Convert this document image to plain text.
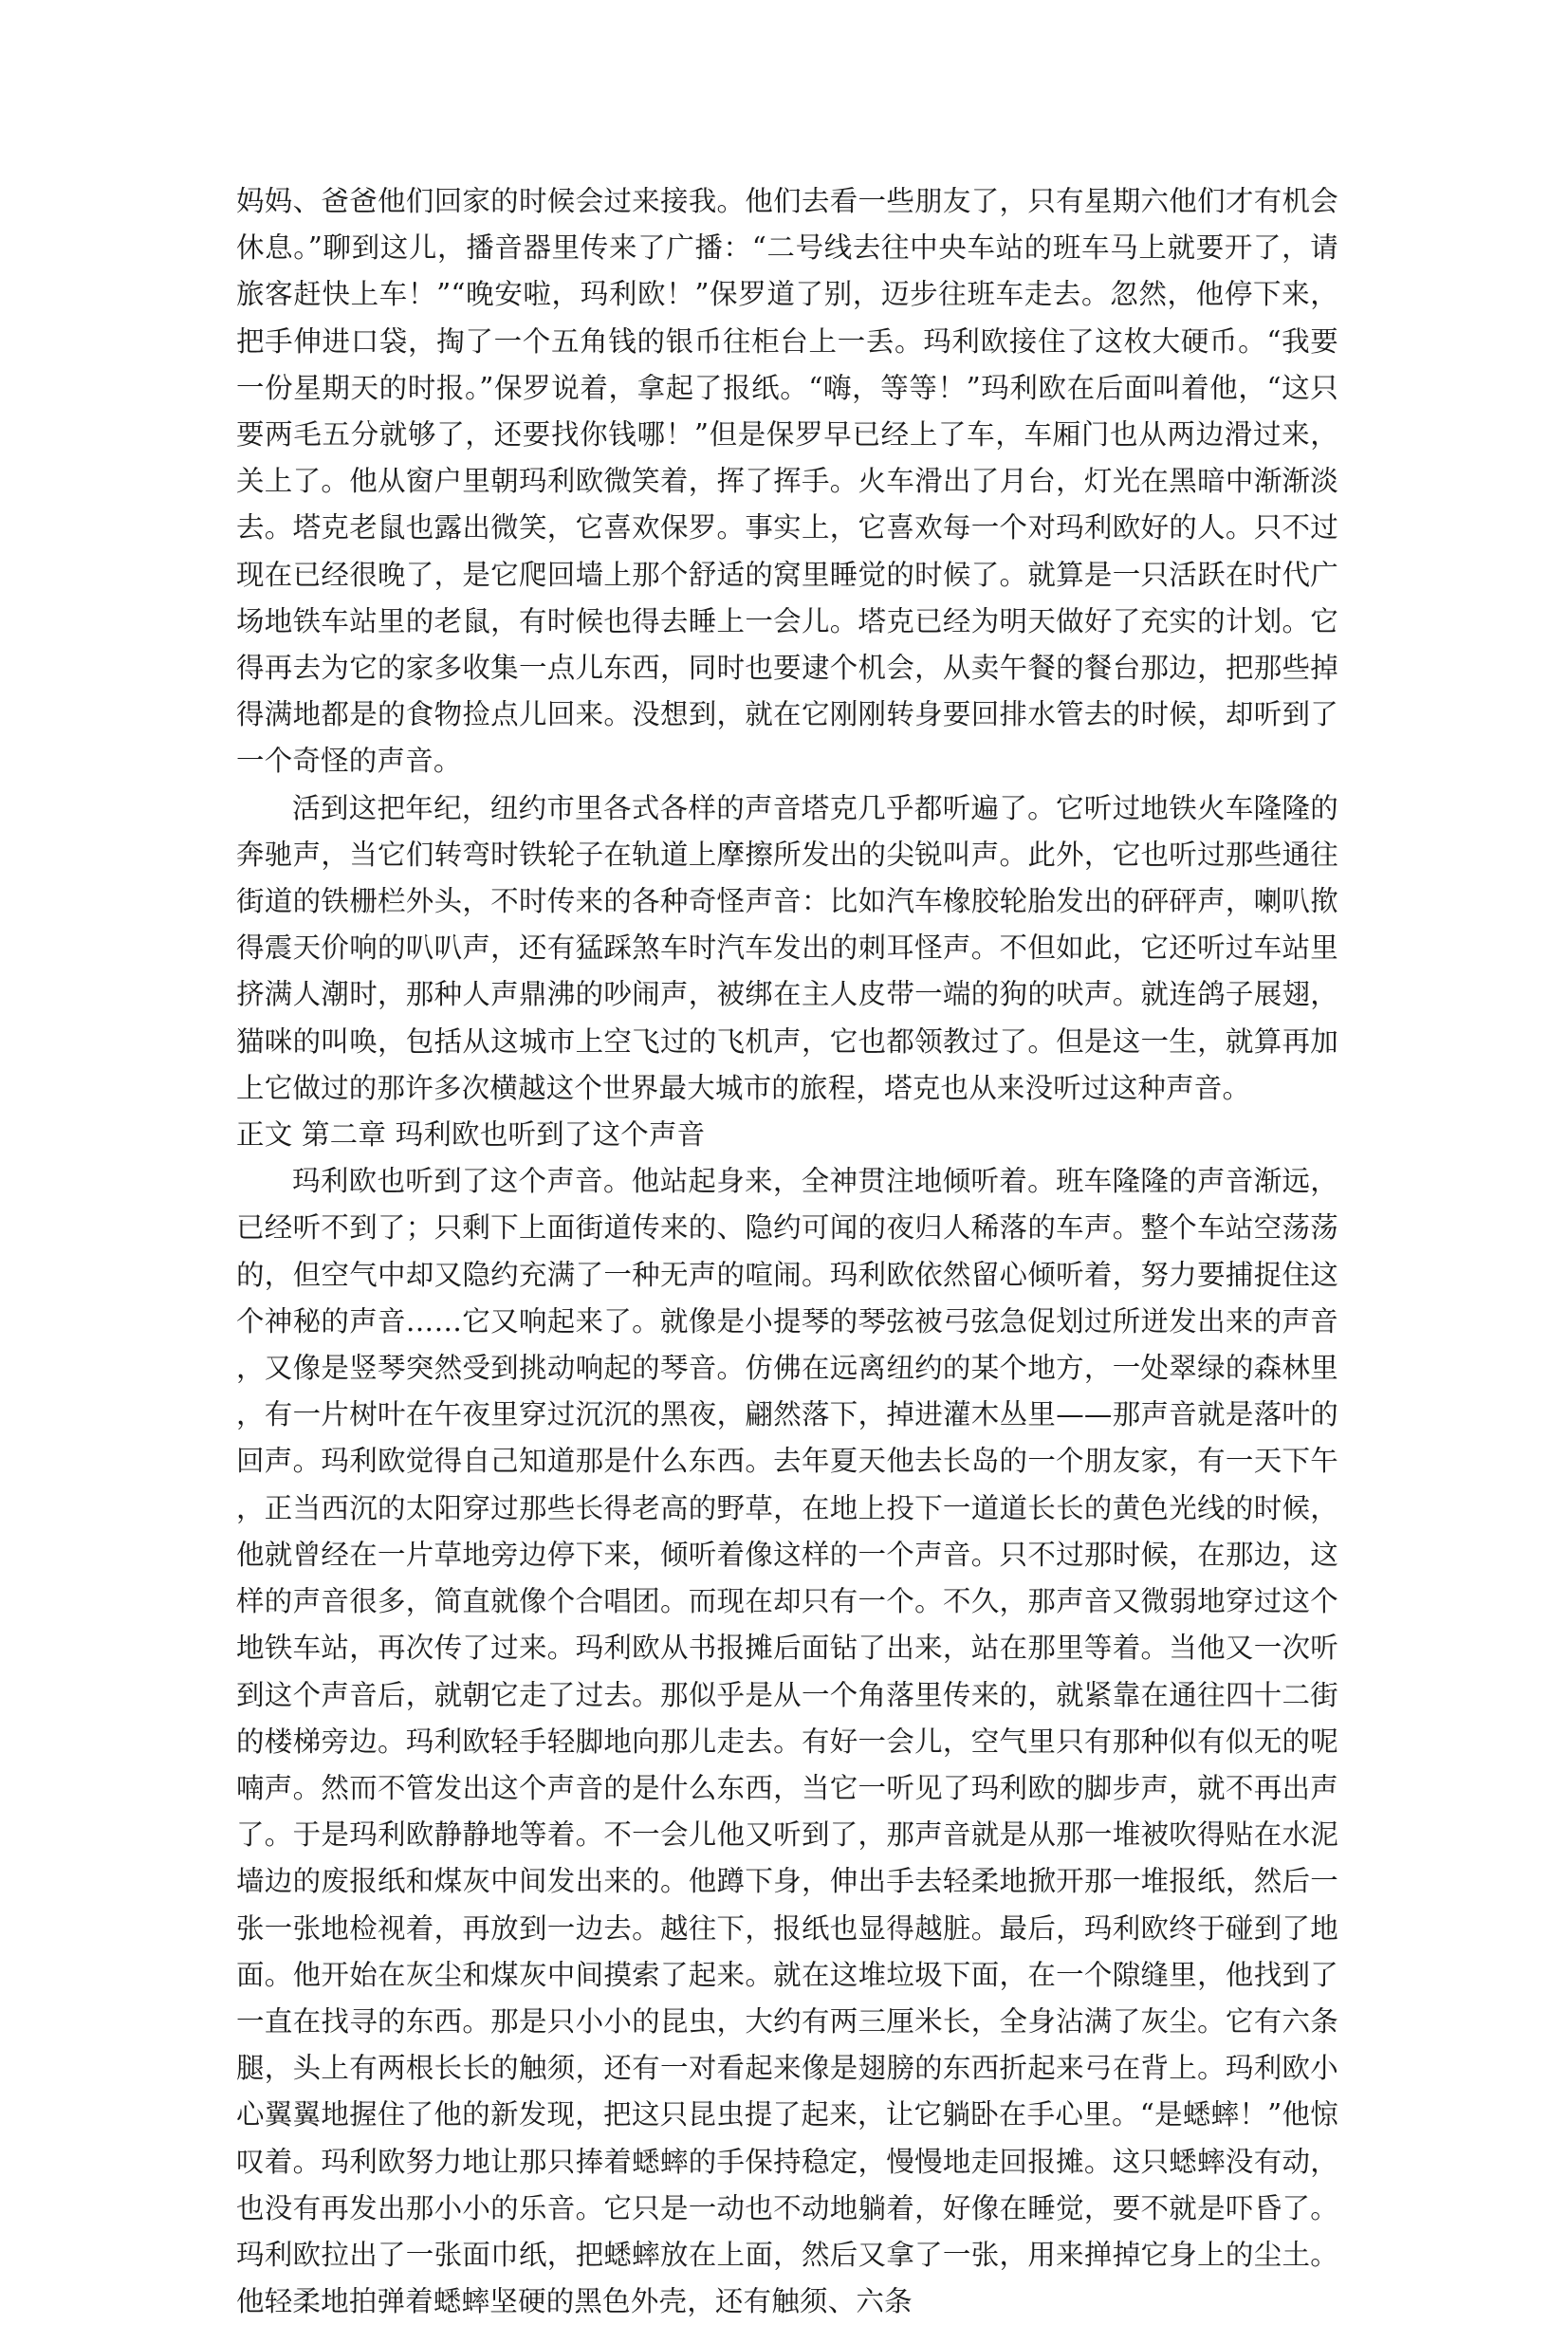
妈妈、爸爸他们回家的时候会过来接我。他们去看一些朋友了，只有星期六他们才有机会休息。”聊到这儿，播音器里传来了广播：“二号线去往中央车站的班车马上就要开了，请旅客赶快上车！”“晚安啦，玛利欧！”保罗道了别，迈步往班车走去。忽然，他停下来，把手伸进口袋，掏了一个五角钱的银币往柜台上一丢。玛利欧接住了这枚大硬币。“我要一份星期天的时报。”保罗说着，拿起了报纸。“嗨，等等！”玛利欧在后面叫着他，“这只要两毛五分就够了，还要找你钱哪！”但是保罗早已经上了车，车厢门也从两边滑过来，关上了。他从窗户里朝玛利欧微笑着，挥了挥手。火车滑出了月台，灯光在黑暗中渐渐淡去。塔克老鼠也露出微笑，它喜欢保罗。事实上，它喜欢每一个对玛利欧好的人。只不过现在已经很晚了，是它爬回墙上那个舒适的窝里睡觉的时候了。就算是一只活跃在时代广场地铁车站里的老鼠，有时候也得去睡上一会儿。塔克已经为明天做好了充实的计划。它得再去为它的家多收集一点儿东西，同时也要逮个机会，从卖午餐的餐台那边，把那些掉得满地都是的食物捡点儿回来。没想到，就在它刚刚转身要回排水管去的时候，却听到了一个奇怪的声音。

活到这把年纪，纽约市里各式各样的声音塔克几乎都听遍了。它听过地铁火车隆隆的奔驰声，当它们转弯时铁轮子在轨道上摩擦所发出的尖锐叫声。此外，它也听过那些通往街道的铁栅栏外头，不时传来的各种奇怪声音：比如汽车橡胶轮胎发出的砰砰声，喇叭揿得震天价响的叭叭声，还有猛踩煞车时汽车发出的刺耳怪声。不但如此，它还听过车站里挤满人潮时，那种人声鼎沸的吵闹声，被绑在主人皮带一端的狗的吠声。就连鸽子展翅，猫咪的叫唤，包括从这城市上空飞过的飞机声，它也都领教过了。但是这一生，就算再加上它做过的那许多次横越这个世界最大城市的旅程，塔克也从来没听过这种声音。

正文 第二章 玛利欧也听到了这个声音

玛利欧也听到了这个声音。他站起身来，全神贯注地倾听着。班车隆隆的声音渐远，已经听不到了；只剩下上面街道传来的、隐约可闻的夜归人稀落的车声。整个车站空荡荡的，但空气中却又隐约充满了一种无声的喧闹。玛利欧依然留心倾听着，努力要捕捉住这个神秘的声音……它又响起来了。就像是小提琴的琴弦被弓弦急促划过所迸发出来的声音，又像是竖琴突然受到挑动响起的琴音。仿佛在远离纽约的某个地方，一处翠绿的森林里，有一片树叶在午夜里穿过沉沉的黑夜，翩然落下，掉进灌木丛里——那声音就是落叶的回声。玛利欧觉得自己知道那是什么东西。去年夏天他去长岛的一个朋友家，有一天下午，正当西沉的太阳穿过那些长得老高的野草，在地上投下一道道长长的黄色光线的时候，他就曾经在一片草地旁边停下来，倾听着像这样的一个声音。只不过那时候，在那边，这样的声音很多，简直就像个合唱团。而现在却只有一个。不久，那声音又微弱地穿过这个地铁车站，再次传了过来。玛利欧从书报摊后面钻了出来，站在那里等着。当他又一次听到这个声音后，就朝它走了过去。那似乎是从一个角落里传来的，就紧靠在通往四十二街的楼梯旁边。玛利欧轻手轻脚地向那儿走去。有好一会儿，空气里只有那种似有似无的呢喃声。然而不管发出这个声音的是什么东西，当它一听见了玛利欧的脚步声，就不再出声了。于是玛利欧静静地等着。不一会儿他又听到了，那声音就是从那一堆被吹得贴在水泥墙边的废报纸和煤灰中间发出来的。他蹲下身，伸出手去轻柔地掀开那一堆报纸，然后一张一张地检视着，再放到一边去。越往下，报纸也显得越脏。最后，玛利欧终于碰到了地面。他开始在灰尘和煤灰中间摸索了起来。就在这堆垃圾下面，在一个隙缝里，他找到了一直在找寻的东西。那是只小小的昆虫，大约有两三厘米长，全身沾满了灰尘。它有六条腿，头上有两根长长的触须，还有一对看起来像是翅膀的东西折起来弓在背上。玛利欧小心翼翼地握住了他的新发现，把这只昆虫提了起来，让它躺卧在手心里。“是蟋蟀！”他惊叹着。玛利欧努力地让那只捧着蟋蟀的手保持稳定，慢慢地走回报摊。这只蟋蟀没有动，也没有再发出那小小的乐音。它只是一动也不动地躺着，好像在睡觉，要不就是吓昏了。玛利欧拉出了一张面巾纸，把蟋蟀放在上面，然后又拿了一张，用来掸掉它身上的尘土。他轻柔地拍弹着蟋蟀坚硬的黑色外壳，还有触须、六条
